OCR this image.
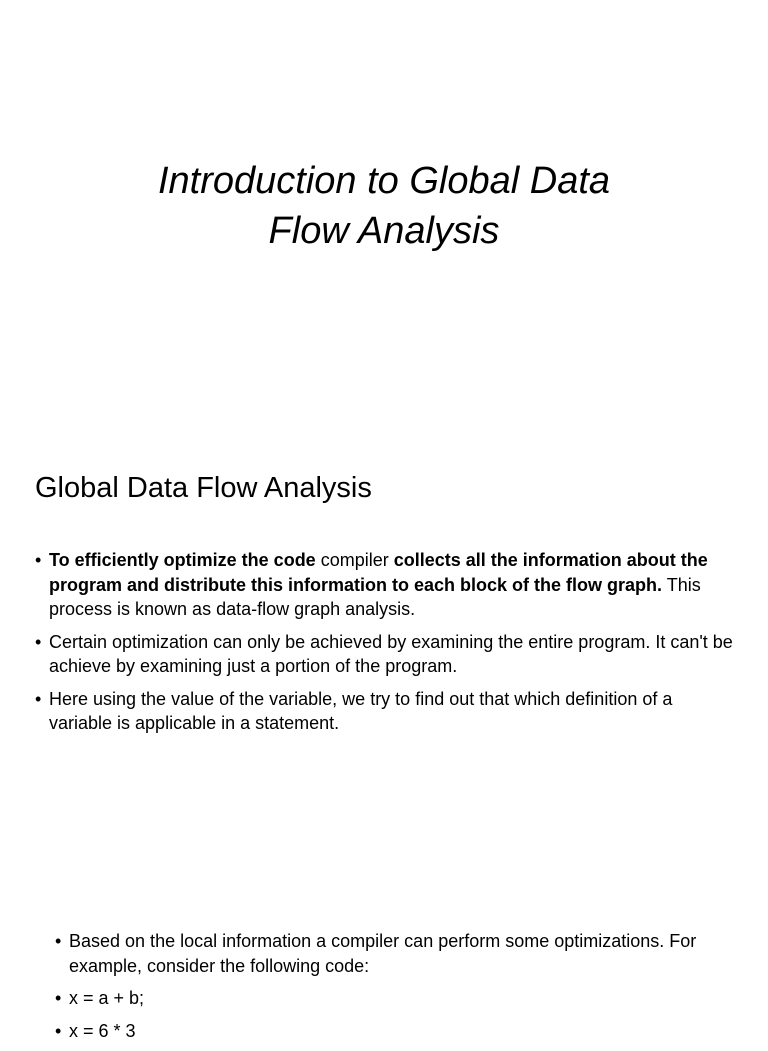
Introduction to Global Data
Flow Analysis
Global Data Flow Analysis
• To efficiently optimize the code compiler collects all the information about the program and distribute this information to each block of the flow graph. This process is known as data-flow graph analysis.
• Certain optimization can only be achieved by examining the entire program. It can't be achieve by examining just a portion of the program.
• Here using the value of the variable, we try to find out that which definition of a variable is applicable in a statement.
• Based on the local information a compiler can perform some optimizations. For example, consider the following code:
• x = a + b;
• x = 6 * 3
